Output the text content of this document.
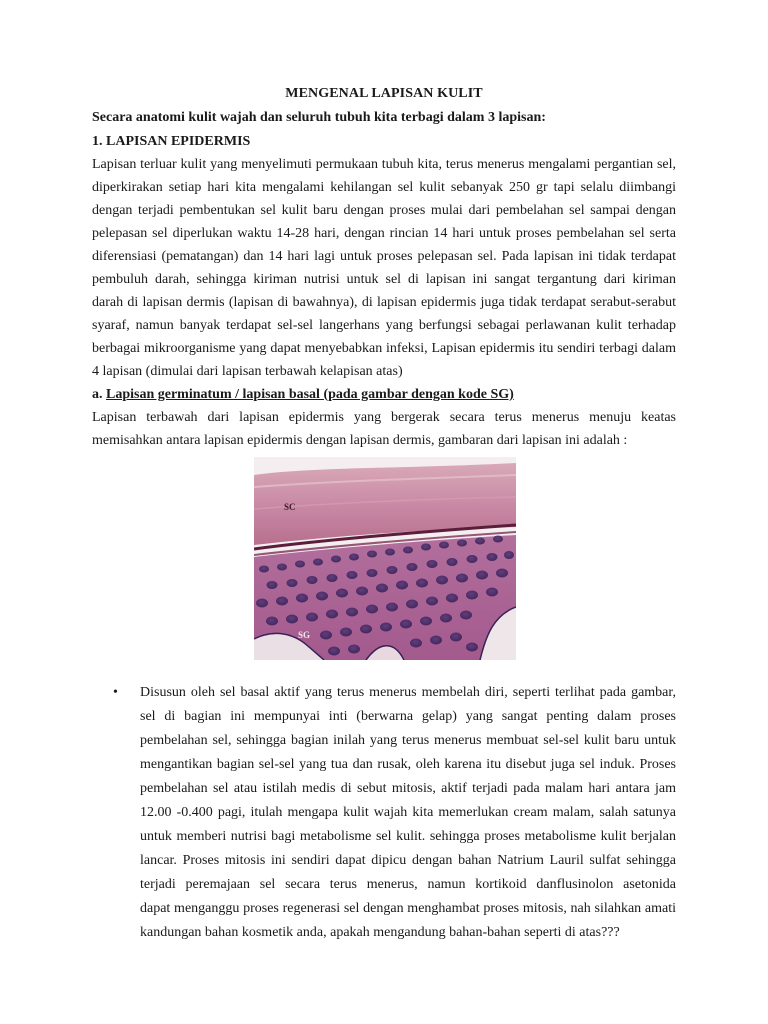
MENGENAL LAPISAN KULIT
Secara anatomi kulit wajah dan seluruh tubuh kita terbagi dalam 3 lapisan:
1. LAPISAN EPIDERMIS
Lapisan terluar kulit yang menyelimuti permukaan tubuh kita, terus menerus mengalami pergantian sel,
diperkirakan setiap hari kita mengalami kehilangan sel kulit sebanyak 250 gr tapi selalu diimbangi
dengan terjadi pembentukan sel kulit baru dengan proses mulai dari pembelahan sel sampai dengan
pelepasan sel diperlukan waktu 14-28 hari, dengan rincian 14 hari untuk proses pembelahan sel serta
diferensiasi (pematangan) dan 14 hari lagi untuk proses pelepasan sel. Pada lapisan ini tidak terdapat
pembuluh darah, sehingga kiriman nutrisi untuk sel di lapisan ini sangat tergantung dari kiriman
darah di lapisan dermis (lapisan di bawahnya), di lapisan epidermis juga tidak terdapat serabut-serabut
syaraf, namun banyak terdapat sel-sel langerhans yang berfungsi sebagai perlawanan kulit terhadap
berbagai mikroorganisme yang dapat menyebabkan infeksi, Lapisan epidermis itu sendiri terbagi dalam
4 lapisan (dimulai dari lapisan terbawah kelapisan atas)
a. Lapisan germinatum / lapisan basal (pada gambar dengan kode SG)
Lapisan terbawah dari lapisan epidermis yang bergerak secara terus menerus menuju keatas
memisahkan antara lapisan epidermis dengan lapisan dermis, gambaran dari lapisan ini adalah :
SC
SG
• Disusun oleh sel basal aktif yang terus menerus membelah diri, seperti terlihat pada gambar,
sel di bagian ini mempunyai inti (berwarna gelap) yang sangat penting dalam proses
pembelahan sel, sehingga bagian inilah yang terus menerus membuat sel-sel kulit baru untuk
mengantikan bagian sel-sel yang tua dan rusak, oleh karena itu disebut juga sel induk. Proses
pembelahan sel atau istilah medis di sebut mitosis, aktif terjadi pada malam hari antara jam
12.00 -0.400 pagi, itulah mengapa kulit wajah kita memerlukan cream malam, salah satunya
untuk memberi nutrisi bagi metabolisme sel kulit. sehingga proses metabolisme kulit berjalan
lancar. Proses mitosis ini sendiri dapat dipicu dengan bahan Natrium Lauril sulfat sehingga
terjadi peremajaan sel secara terus menerus, namun kortikoid danflusinolon asetonida
dapat menganggu proses regenerasi sel dengan menghambat proses mitosis, nah silahkan amati
kandungan bahan kosmetik anda, apakah mengandung bahan-bahan seperti di atas???
